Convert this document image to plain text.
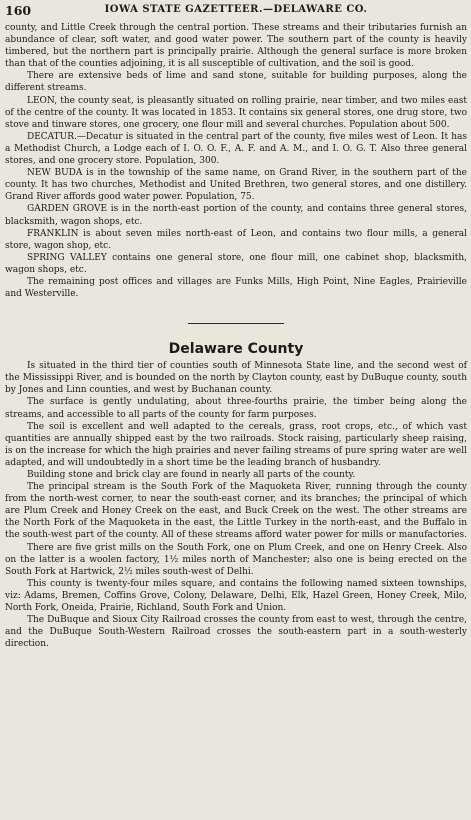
160	IOWA STATE GAZETTEER.—DELAWARE CO.

county, and Little Creek through the central portion. These streams and their tributaries furnish an abundance of clear, soft water, and good water power. The southern part of the county is heavily timbered, but the northern part is principally prairie. Although the general surface is more broken than that of the counties adjoining, it is all susceptible of cultivation, and the soil is good.

There are extensive beds of lime and sand stone, suitable for building purposes, along the different streams.

LEON, the county seat, is pleasantly situated on rolling prairie, near timber, and two miles east of the centre of the county. It was located in 1853. It contains six general stores, one drug store, two stove and tinware stores, one grocery, one flour mill and several churches. Population about 500.

DECATUR.—Decatur is situated in the central part of the county, five miles west of Leon. It has a Methodist Church, a Lodge each of I. O. O. F., A. F. and A. M., and I. O. G. T. Also three general stores, and one grocery store. Population, 300.

NEW BUDA is in the township of the same name, on Grand River, in the southern part of the county. It has two churches, Methodist and United Brethren, two general stores, and one distillery. Grand River affords good water power. Population, 75.

GARDEN GROVE is in the north-east portion of the county, and contains three general stores, blacksmith, wagon shops, etc.

FRANKLIN is about seven miles north-east of Leon, and contains two flour mills, a general store, wagon shop, etc.

SPRING VALLEY contains one general store, one flour mill, one cabinet shop, blacksmith, wagon shops, etc.

The remaining post offices and villages are Funks Mills, High Point, Nine Eagles, Prairieville and Westerville.

Delaware County

Is situated in the third tier of counties south of Minnesota State line, and the second west of the Mississippi River, and is bounded on the north by Clayton county, east by DuBuque county, south by Jones and Linn counties, and west by Buchanan county.

The surface is gently undulating, about three-fourths prairie, the timber being along the streams, and accessible to all parts of the county for farm purposes.

The soil is excellent and well adapted to the cereals, grass, root crops, etc., of which vast quantities are annually shipped east by the two railroads. Stock raising, particularly sheep raising, is on the increase for which the high prairies and never failing streams of pure spring water are well adapted, and will undoubtedly in a short time be the leading branch of husbandry.

Building stone and brick clay are found in nearly all parts of the county.

The principal stream is the South Fork of the Maquoketa River, running through the county from the north-west corner, to near the south-east corner, and its branches; the principal of which are Plum Creek and Honey Creek on the east, and Buck Creek on the west. The other streams are the North Fork of the Maquoketa in the east, the Little Turkey in the north-east, and the Buffalo in the south-west part of the county. All of these streams afford water power for mills or manufactories.

There are five grist mills on the South Fork, one on Plum Creek, and one on Henry Creek. Also on the latter is a woolen factory, 1½ miles north of Manchester; also one is being erected on the South Fork at Hartwick, 2½ miles south-west of Delhi.

This county is twenty-four miles square, and contains the following named sixteen townships, viz: Adams, Bremen, Coffins Grove, Colony, Delaware, Delhi, Elk, Hazel Green, Honey Creek, Milo, North Fork, Oneida, Prairie, Richland, South Fork and Union.

The DuBuque and Sioux City Railroad crosses the county from east to west, through the centre, and the DuBuque South-Western Railroad crosses the south-eastern part in a south-westerly direction.
